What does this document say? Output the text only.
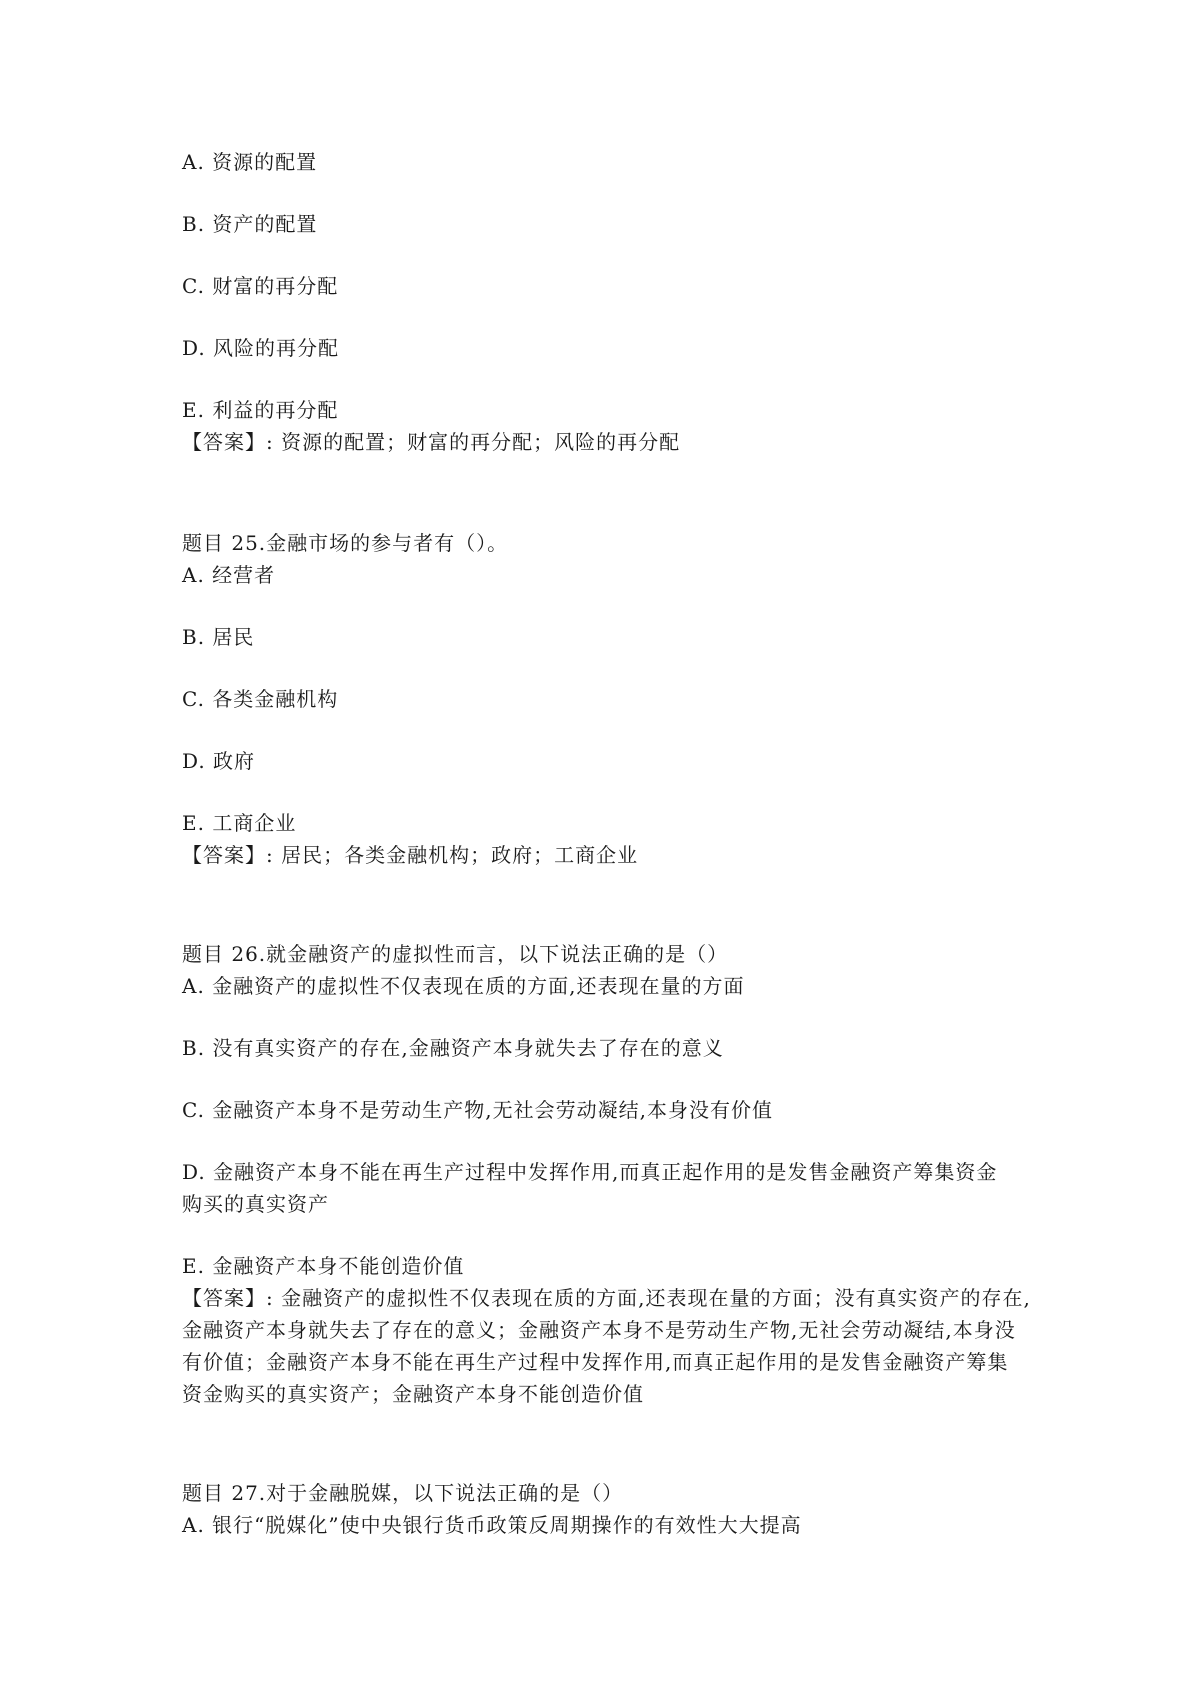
A. 资源的配置
B. 资产的配置
C. 财富的再分配
D. 风险的再分配
E. 利益的再分配
【答案】: 资源的配置；财富的再分配；风险的再分配
题目 25.金融市场的参与者有（）。
A. 经营者
B. 居民
C. 各类金融机构
D. 政府
E. 工商企业
【答案】: 居民；各类金融机构；政府；工商企业
题目 26.就金融资产的虚拟性而言，以下说法正确的是（）
A. 金融资产的虚拟性不仅表现在质的方面,还表现在量的方面
B. 没有真实资产的存在,金融资产本身就失去了存在的意义
C. 金融资产本身不是劳动生产物,无社会劳动凝结,本身没有价值
D. 金融资产本身不能在再生产过程中发挥作用,而真正起作用的是发售金融资产筹集资金
购买的真实资产
E. 金融资产本身不能创造价值
【答案】: 金融资产的虚拟性不仅表现在质的方面,还表现在量的方面；没有真实资产的存在,
金融资产本身就失去了存在的意义；金融资产本身不是劳动生产物,无社会劳动凝结,本身没
有价值；金融资产本身不能在再生产过程中发挥作用,而真正起作用的是发售金融资产筹集
资金购买的真实资产；金融资产本身不能创造价值
题目 27.对于金融脱媒，以下说法正确的是（）
A. 银行“脱媒化”使中央银行货币政策反周期操作的有效性大大提高
